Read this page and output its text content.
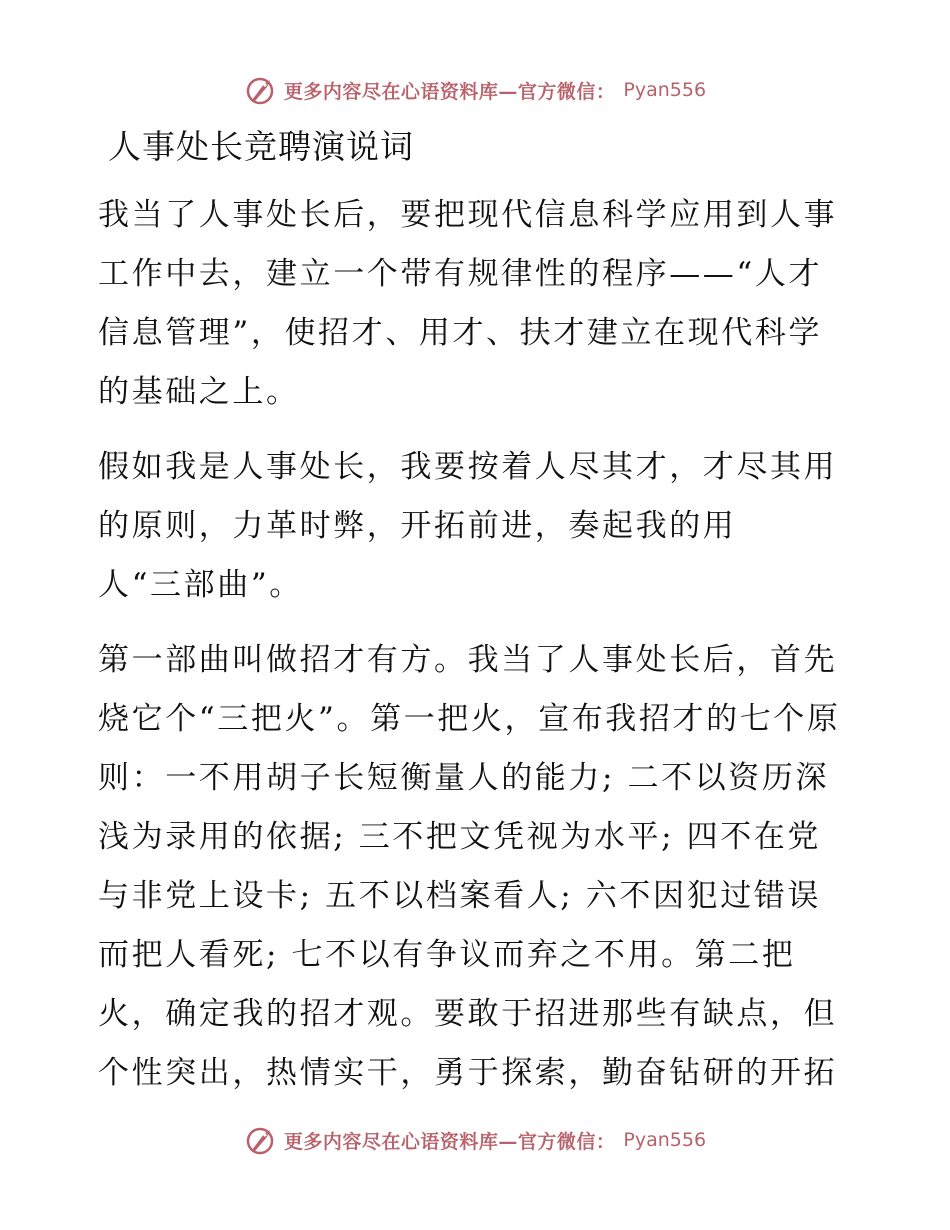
更多内容尽在心语资料库—官方微信： Pyan556
人事处长竞聘演说词

我当了人事处长后，要把现代信息科学应用到人事工作中去，建立一个带有规律性的程序——“人才信息管理”，使招才、用才、扶才建立在现代科学的基础之上。

假如我是人事处长，我要按着人尽其才，才尽其用的原则，力革时弊，开拓前进，奏起我的用
人“三部曲”。

第一部曲叫做招才有方。我当了人事处长后，首先烧它个“三把火”。第一把火，宣布我招才的七个原则：一不用胡子长短衡量人的能力; 二不以资历深浅为录用的依据; 三不把文凭视为水平; 四不在党与非党上设卡; 五不以档案看人; 六不因犯过错误而把人看死; 七不以有争议而弃之不用。第二把
火，确定我的招才观。要敢于招进那些有缺点，但个性突出，热情实干，勇于探索，勤奋钻研的开拓

更多内容尽在心语资料库—官方微信： Pyan556
